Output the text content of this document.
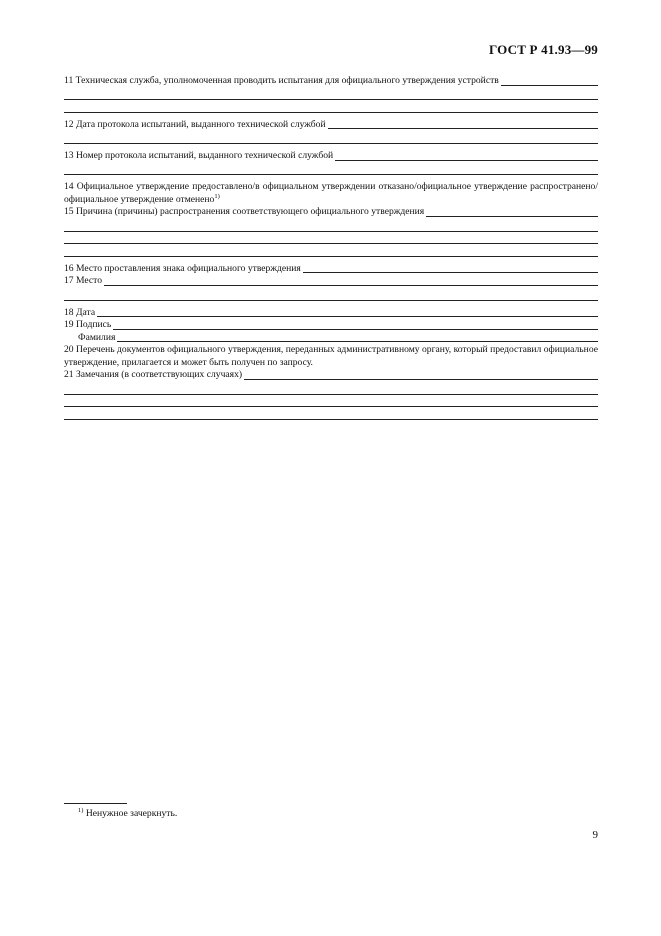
ГОСТ Р 41.93—99
11 Техническая служба, уполномоченная проводить испытания для официального утверждения устройств
12 Дата протокола испытаний, выданного технической службой
13 Номер протокола испытаний, выданного технической службой
14 Официальное утверждение предоставлено/в официальном утверждении отказано/официальное утверждение распространено/официальное утверждение отменено$^{1)}$
15 Причина (причины) распространения соответствующего официального утверждения
16 Место проставления знака официального утверждения
17 Место
18 Дата
19 Подпись
Фамилия
20 Перечень документов официального утверждения, переданных административному органу, который предоставил официальное утверждение, прилагается и может быть получен по запросу.
21 Замечания (в соответствующих случаях)
$^{1)}$ Ненужное зачеркнуть.
9
